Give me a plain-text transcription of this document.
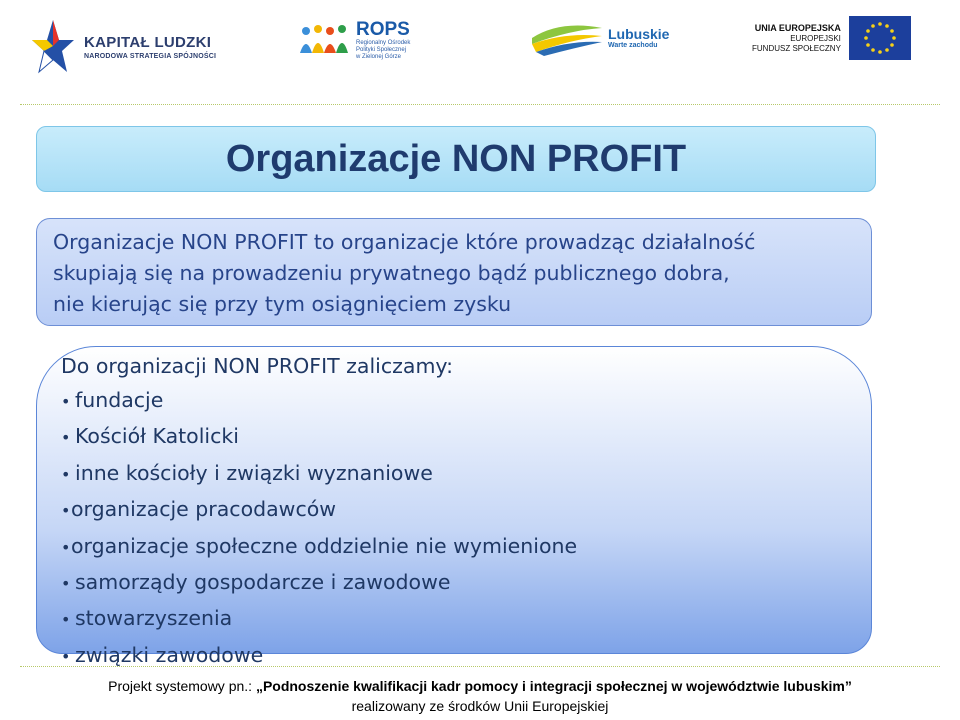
KAPITAŁ LUDZKI
NARODOWA STRATEGIA SPÓJNOŚCI
ROPS
Regionalny Ośrodek
Polityki Społecznej
w Zielonej Górze
Lubuskie
Warte zachodu
UNIA EUROPEJSKA
EUROPEJSKI
FUNDUSZ SPOŁECZNY
Organizacje NON PROFIT
Organizacje NON PROFIT to organizacje które prowadząc działalność
skupiają się na prowadzeniu prywatnego bądź publicznego dobra,
nie kierując się przy tym osiągnięciem zysku
Do organizacji NON PROFIT zaliczamy:
• fundacje
• Kościół Katolicki
• inne kościoły i związki wyznaniowe
• organizacje pracodawców
• organizacje społeczne oddzielnie nie wymienione
• samorządy gospodarcze i zawodowe
• stowarzyszenia
• związki zawodowe
Projekt systemowy pn.: „Podnoszenie kwalifikacji kadr pomocy i integracji społecznej w województwie lubuskim”
realizowany ze środków Unii Europejskiej
